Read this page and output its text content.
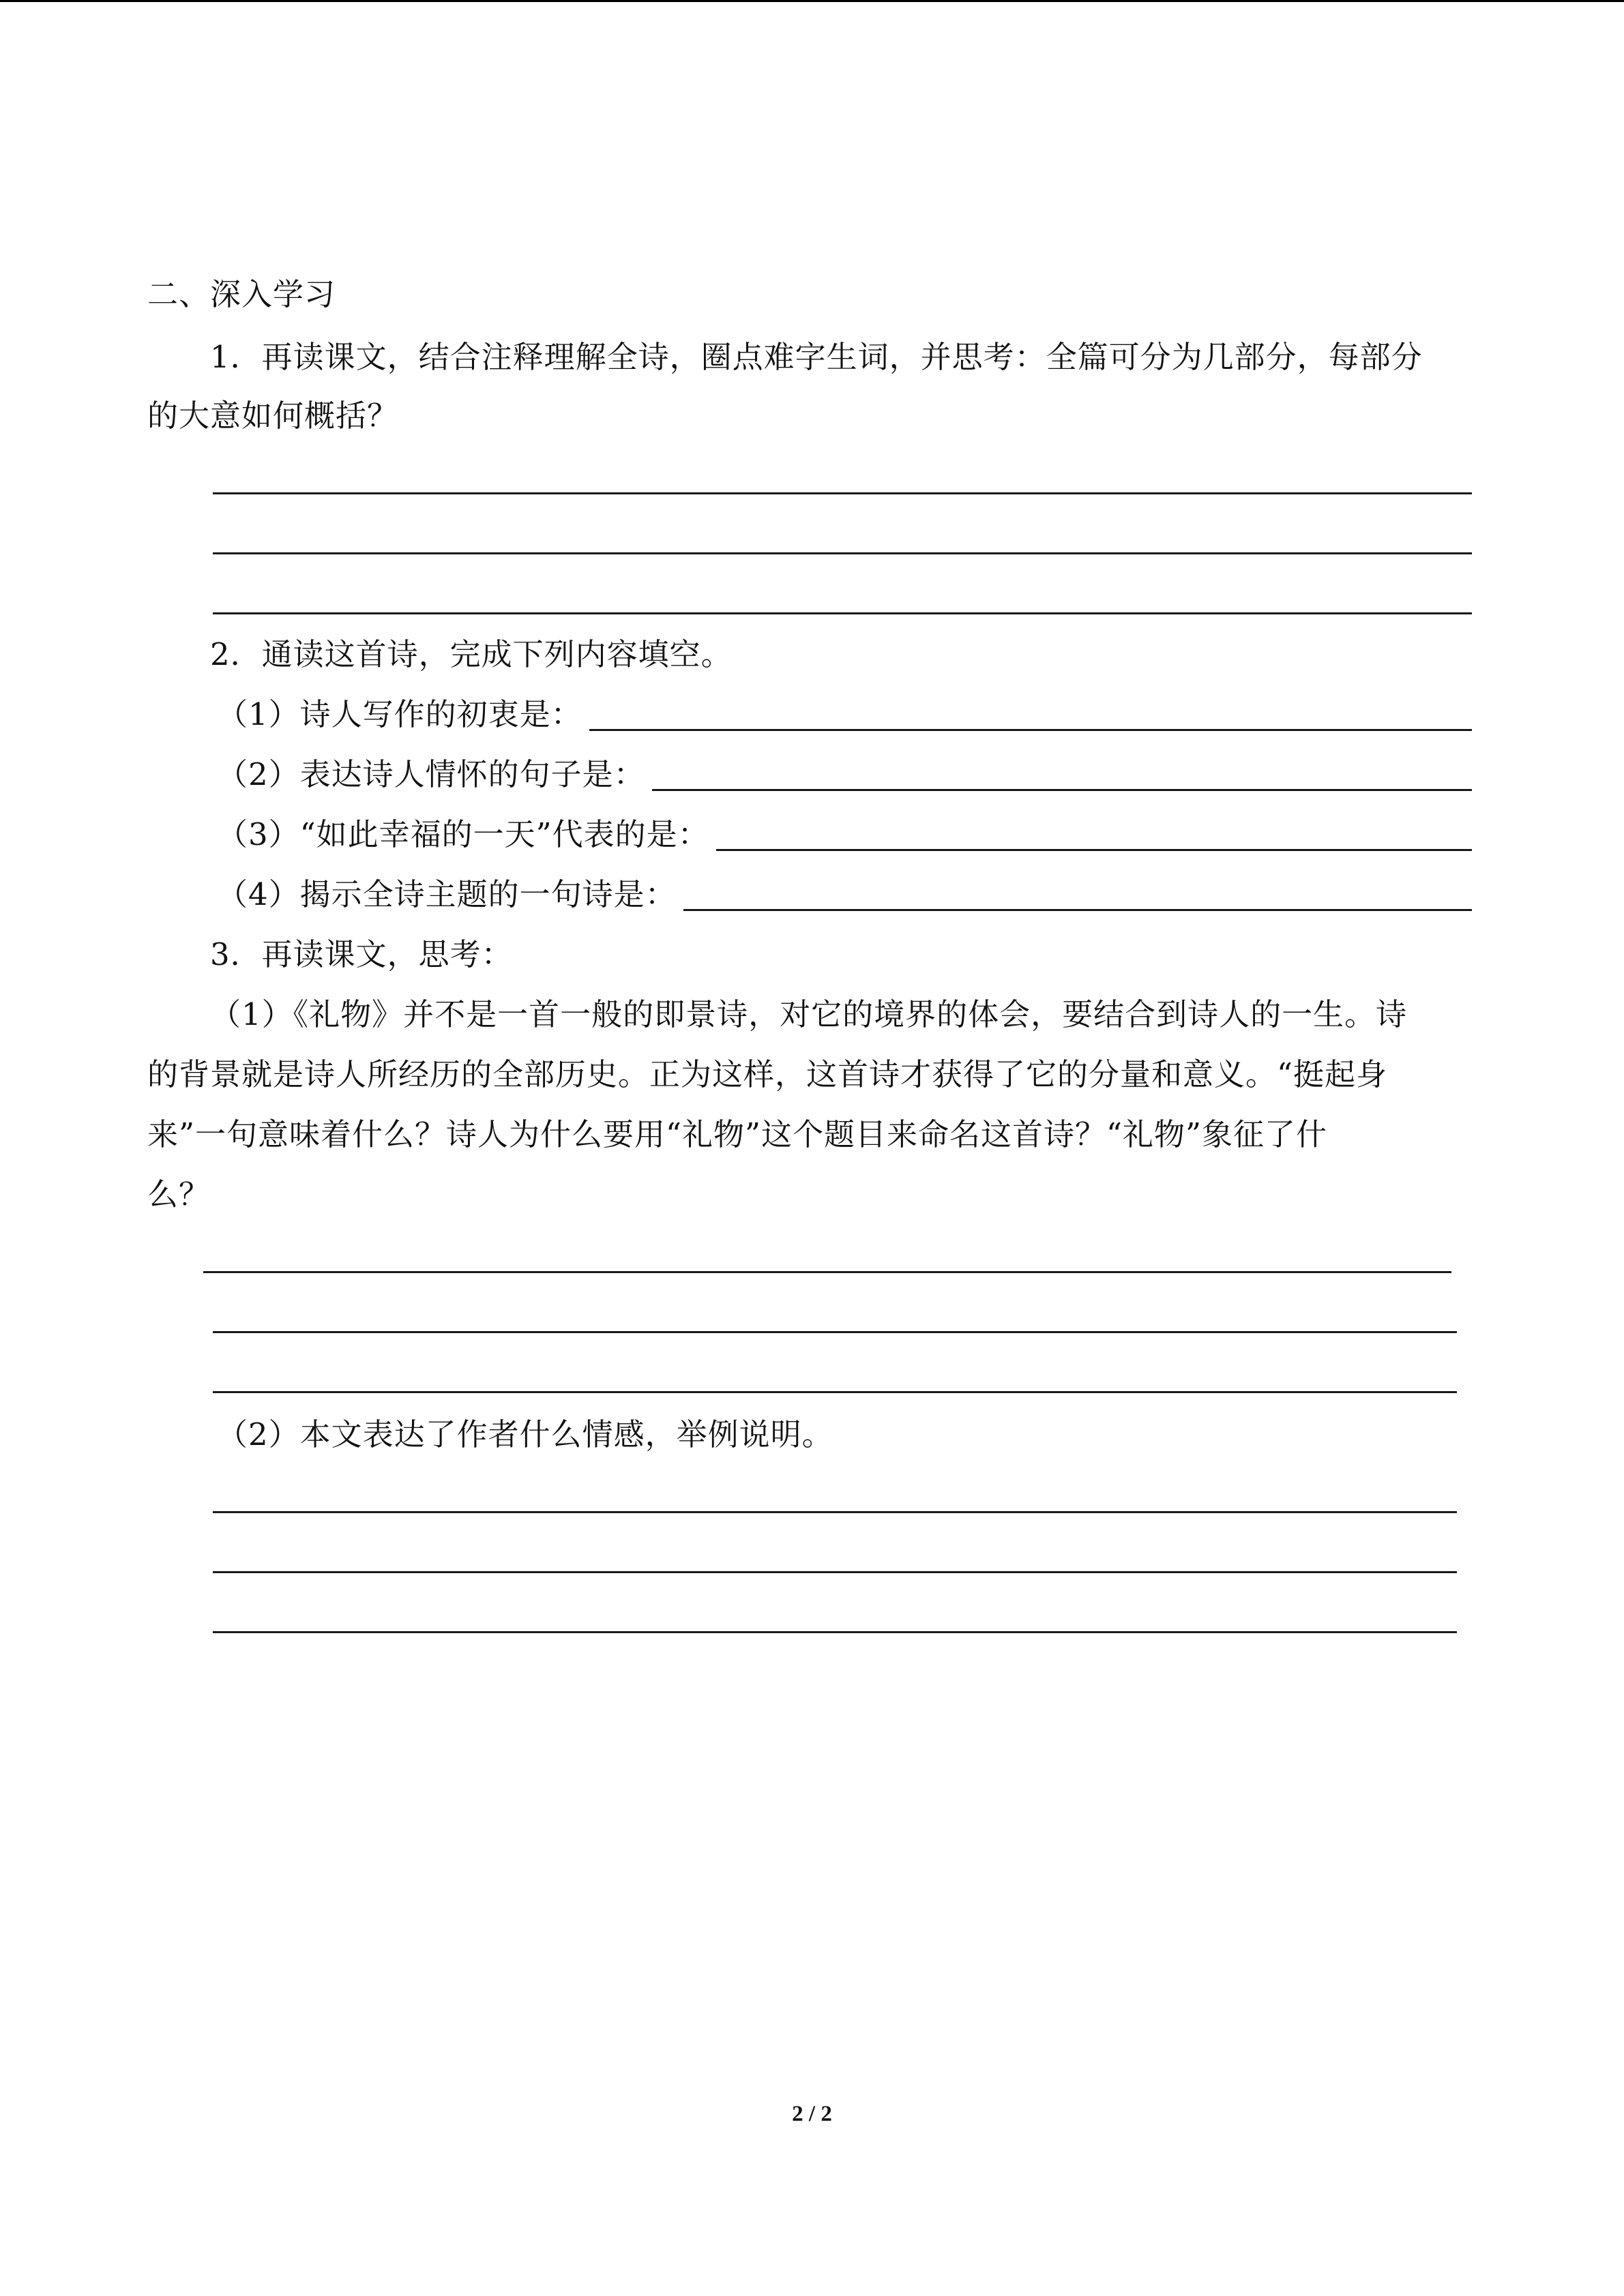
二、深入学习
1．再读课文，结合注释理解全诗，圈点难字生词，并思考：全篇可分为几部分，每部分
的大意如何概括？
2．通读这首诗，完成下列内容填空。
（1）诗人写作的初衷是：
（2）表达诗人情怀的句子是：
（3）“如此幸福的一天”代表的是：
（4）揭示全诗主题的一句诗是：
3．再读课文，思考：
（1）《礼物》并不是一首一般的即景诗，对它的境界的体会，要结合到诗人的一生。诗
的背景就是诗人所经历的全部历史。正为这样，这首诗才获得了它的分量和意义。“挺起身
来”一句意味着什么？诗人为什么要用“礼物”这个题目来命名这首诗？“礼物”象征了什
么？
（2）本文表达了作者什么情感，举例说明。
2 / 2
